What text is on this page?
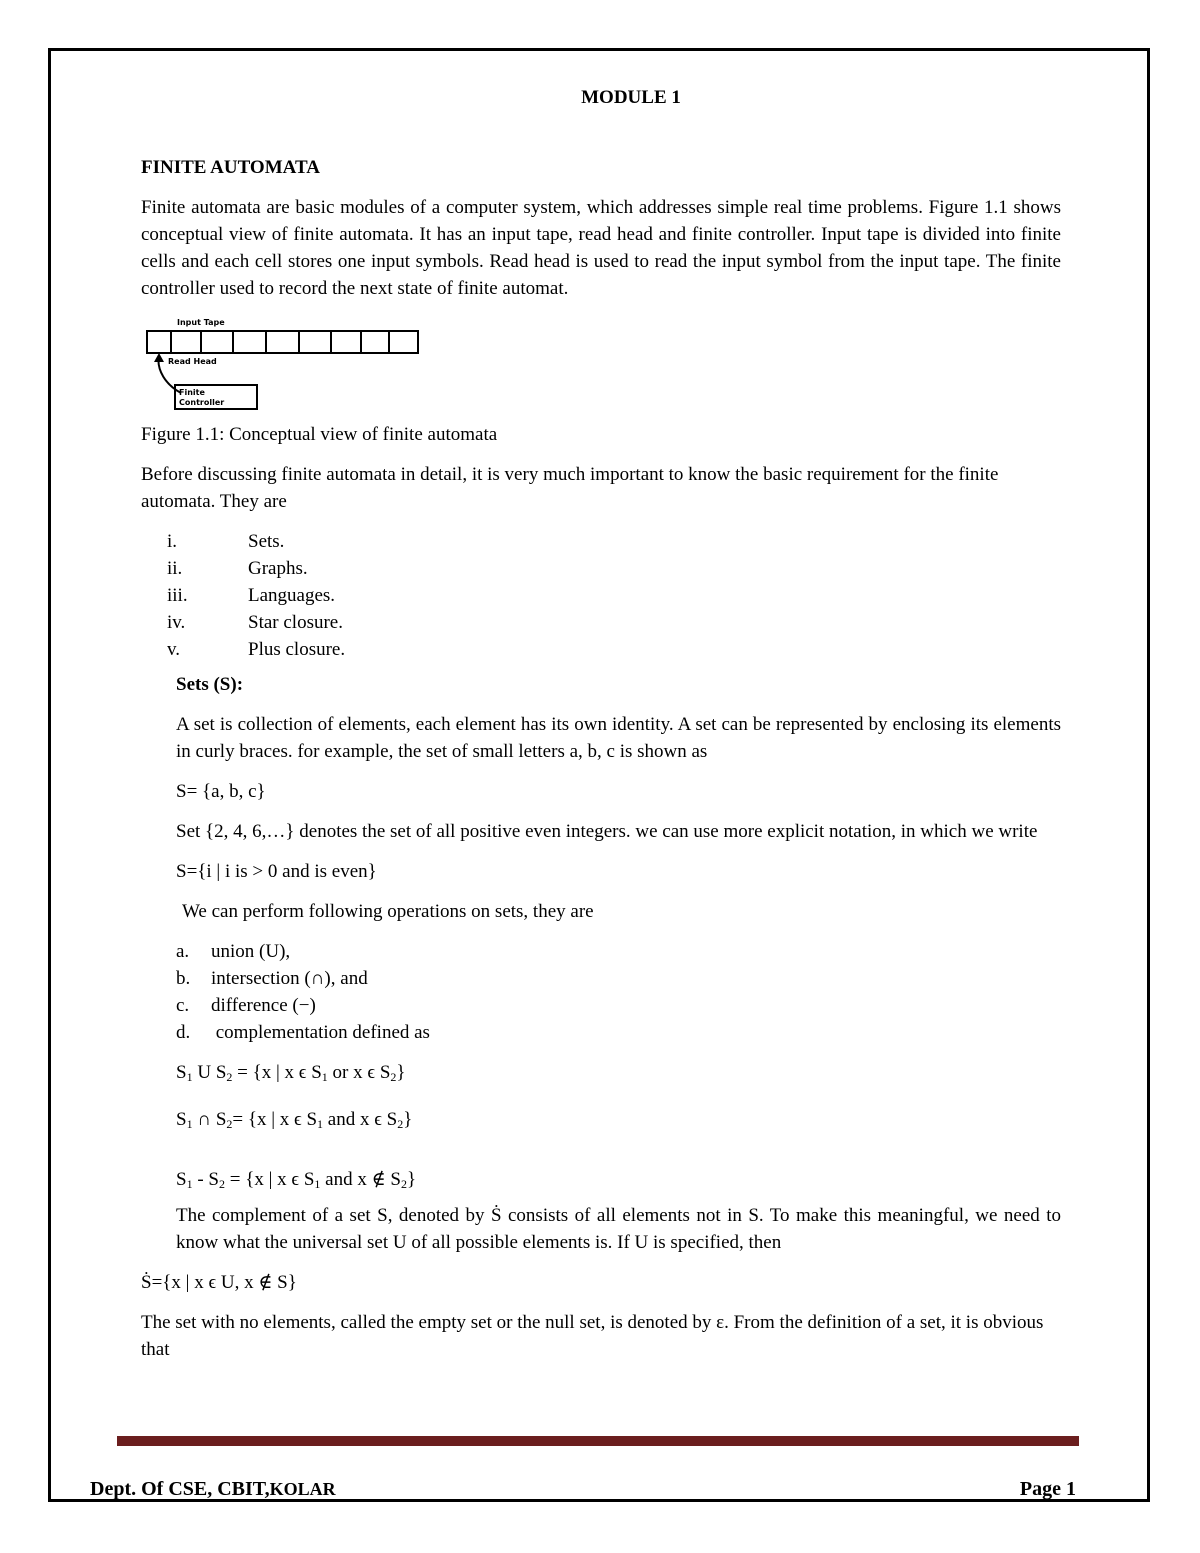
MODULE 1
FINITE AUTOMATA

Finite automata are basic modules of a computer system, which addresses simple real time problems. Figure 1.1 shows conceptual view of finite automata. It has an input tape, read head and finite controller. Input tape is divided into finite cells and each cell stores one input symbols. Read head is used to read the input symbol from the input tape. The finite controller used to record the next state of finite automat.

Input Tape
Read Head
Finite
Controller

Figure 1.1: Conceptual view of finite automata

Before discussing finite automata in detail, it is very much important to know the basic requirement for the finite automata. They are

i.	Sets.
ii.	Graphs.
iii.	Languages.
iv.	Star closure.
v.	Plus closure.

Sets (S):

A set is collection of elements, each element has its own identity. A set can be represented by enclosing its elements in curly braces. for example, the set of small letters a, b, c is shown as

S= {a, b, c}

Set {2, 4, 6,…} denotes the set of all positive even integers. we can use more explicit notation, in which we write

S={i | i is > 0 and is even}

We can perform following operations on sets, they are

a.	union (U),
b.	intersection (∩), and
c.	difference (−)
d.	complementation defined as

$S_1$ U $S_2 = \{x$ | x ϵ $S_1$ or x ϵ $S_2$}

$S_1$ ∩ $S_2= \{x$ | x ϵ $S_1$ and x ϵ $S_2$}

$S_1 - S_2 = \{x$ | x ϵ $S_1$ and x ∉ $S_2$}

The complement of a set S, denoted by Ṡ consists of all elements not in S. To make this meaningful, we need to know what the universal set U of all possible elements is. If U is specified, then

Ṡ={x | x ϵ U, x ∉ S}

The set with no elements, called the empty set or the null set, is denoted by ε. From the definition of a set, it is obvious that

Dept. Of CSE, CBIT,KOLAR	Page 1
